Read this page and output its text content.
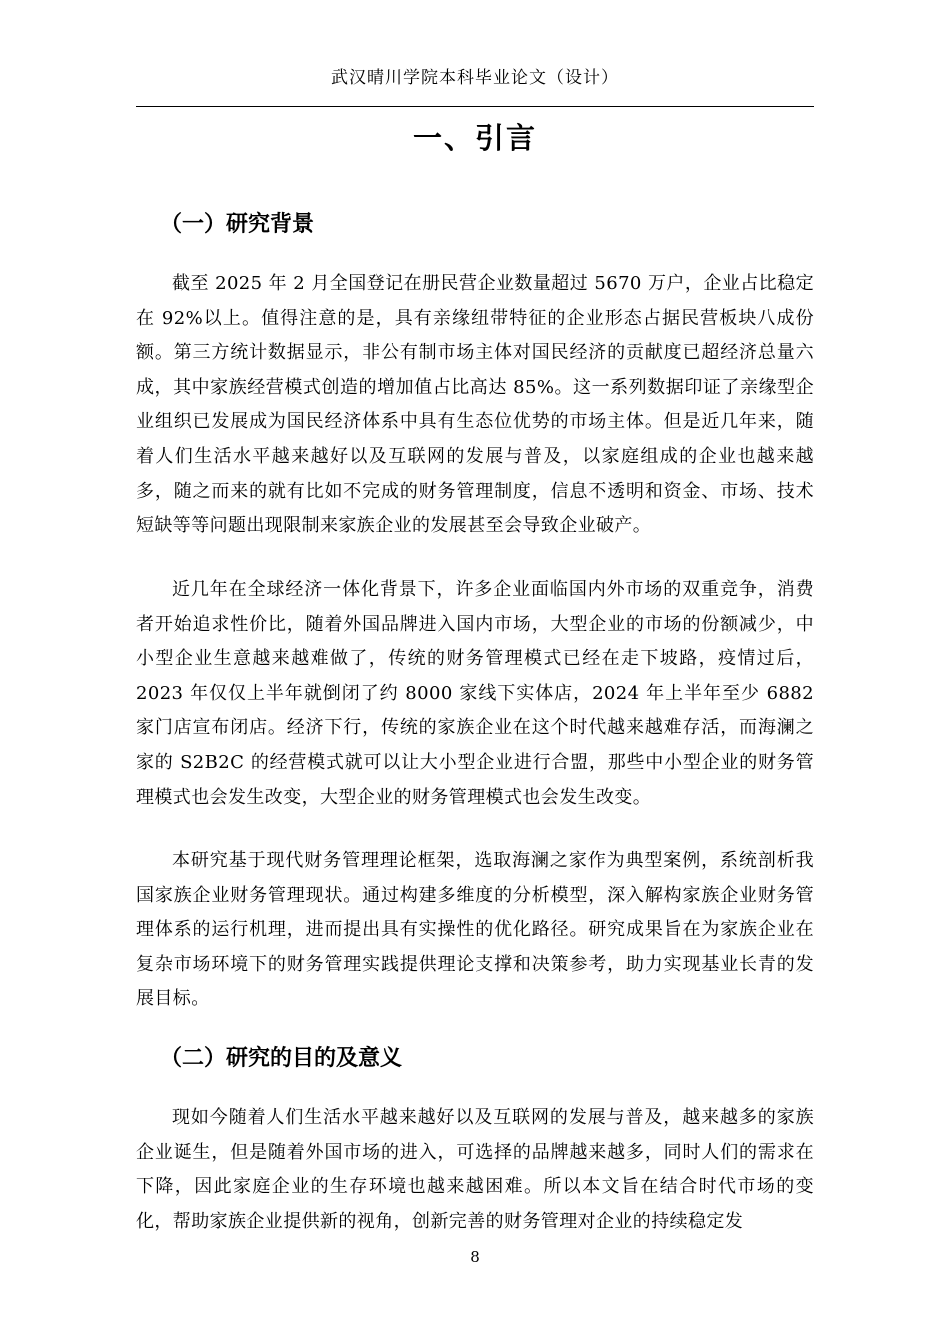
武汉晴川学院本科毕业论文（设计）
一、引言
（一）研究背景

截至 2025 年 2 月全国登记在册民营企业数量超过 5670 万户，企业占比稳定在 92%以上。值得注意的是，具有亲缘纽带特征的企业形态占据民营板块八成份额。第三方统计数据显示，非公有制市场主体对国民经济的贡献度已超经济总量六成，其中家族经营模式创造的增加值占比高达 85%。这一系列数据印证了亲缘型企业组织已发展成为国民经济体系中具有生态位优势的市场主体。但是近几年来，随着人们生活水平越来越好以及互联网的发展与普及，以家庭组成的企业也越来越多，随之而来的就有比如不完成的财务管理制度，信息不透明和资金、市场、技术短缺等等问题出现限制来家族企业的发展甚至会导致企业破产。

近几年在全球经济一体化背景下，许多企业面临国内外市场的双重竞争，消费者开始追求性价比，随着外国品牌进入国内市场，大型企业的市场的份额减少，中小型企业生意越来越难做了，传统的财务管理模式已经在走下坡路，疫情过后，2023 年仅仅上半年就倒闭了约 8000 家线下实体店，2024 年上半年至少 6882 家门店宣布闭店。经济下行，传统的家族企业在这个时代越来越难存活，而海澜之家的 S2B2C 的经营模式就可以让大小型企业进行合盟，那些中小型企业的财务管理模式也会发生改变，大型企业的财务管理模式也会发生改变。

本研究基于现代财务管理理论框架，选取海澜之家作为典型案例，系统剖析我国家族企业财务管理现状。通过构建多维度的分析模型，深入解构家族企业财务管理体系的运行机理，进而提出具有实操性的优化路径。研究成果旨在为家族企业在复杂市场环境下的财务管理实践提供理论支撑和决策参考，助力实现基业长青的发展目标。

（二）研究的目的及意义

现如今随着人们生活水平越来越好以及互联网的发展与普及，越来越多的家族企业诞生，但是随着外国市场的进入，可选择的品牌越来越多，同时人们的需求在下降，因此家庭企业的生存环境也越来越困难。所以本文旨在结合时代市场的变化，帮助家族企业提供新的视角，创新完善的财务管理对企业的持续稳定发

8
